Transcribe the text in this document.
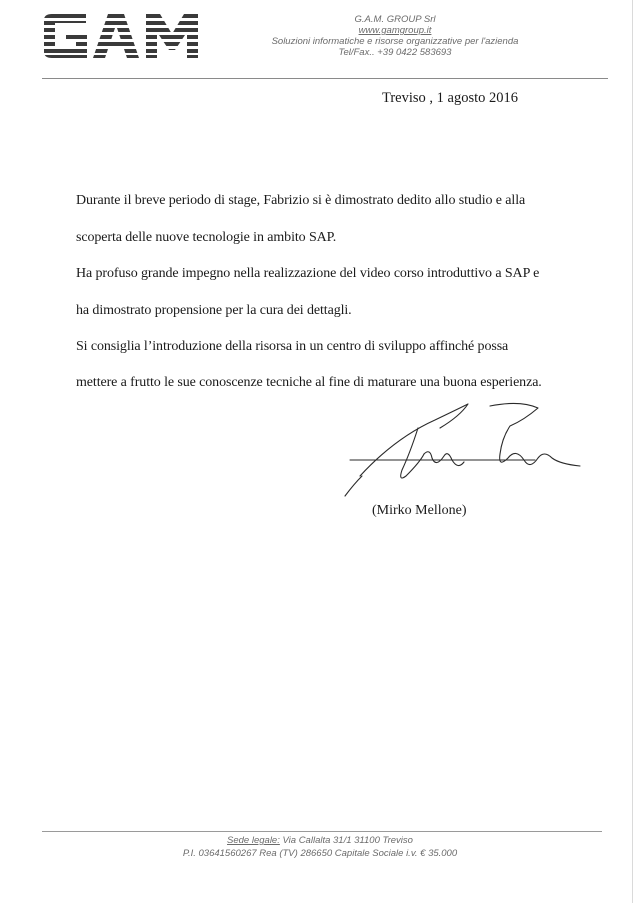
G.A.M. GROUP Srl
www.gamgroup.it
Soluzioni informatiche e risorse organizzative per l'azienda
Tel/Fax.. +39 0422 583693
Treviso , 1 agosto 2016
Durante il breve periodo di stage, Fabrizio si è dimostrato dedito allo studio e alla
scoperta delle nuove tecnologie in ambito SAP.
Ha profuso grande impegno nella realizzazione del video corso introduttivo a SAP e
ha dimostrato propensione per la cura dei dettagli.
Si consiglia l’introduzione della risorsa in un centro di sviluppo affinché possa
mettere a frutto le sue conoscenze tecniche al fine di maturare una buona esperienza.
(Mirko Mellone)
Sede legale: Via Callalta 31/1 31100 Treviso
P.I. 03641560267 Rea (TV) 286650 Capitale Sociale i.v. € 35.000
